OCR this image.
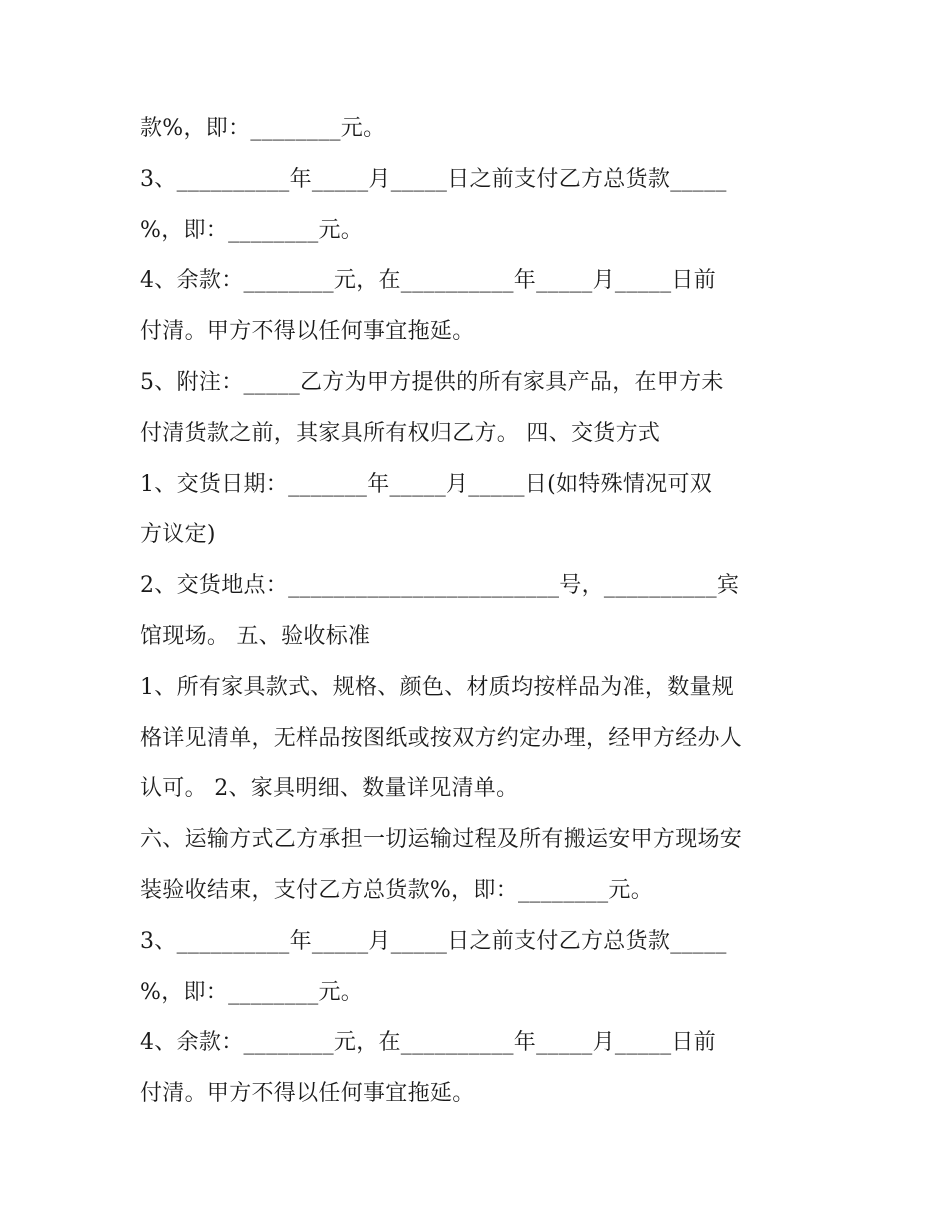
款%，即：________元。
3、__________年_____月_____日之前支付乙方总货款_____
%，即：________元。
4、余款：________元，在__________年_____月_____日前
付清。甲方不得以任何事宜拖延。
5、附注：_____乙方为甲方提供的所有家具产品，在甲方未
付清货款之前，其家具所有权归乙方。 四、交货方式
1、交货日期：_______年_____月_____日(如特殊情况可双
方议定)
2、交货地点：________________________号，__________宾
馆现场。 五、验收标准
1、所有家具款式、规格、颜色、材质均按样品为准，数量规
格详见清单，无样品按图纸或按双方约定办理，经甲方经办人
认可。 2、家具明细、数量详见清单。
六、运输方式乙方承担一切运输过程及所有搬运安甲方现场安
装验收结束，支付乙方总货款%，即：________元。
3、__________年_____月_____日之前支付乙方总货款_____
%，即：________元。
4、余款：________元，在__________年_____月_____日前
付清。甲方不得以任何事宜拖延。
